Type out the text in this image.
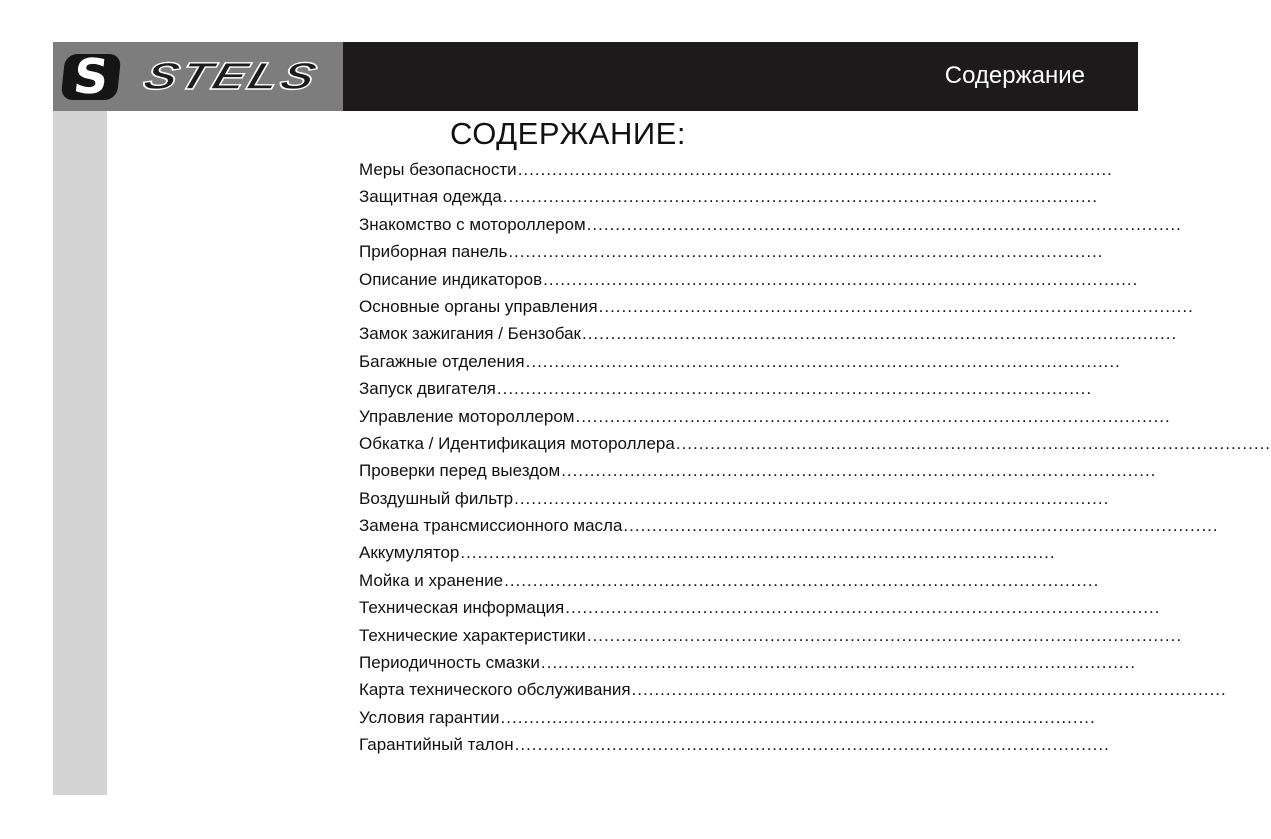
S STELS	Содержание
СОДЕРЖАНИЕ:
Меры безопасности........................................................................................................
Защитная одежда........................................................................................................
Знакомство с мотороллером........................................................................................................
Приборная панель........................................................................................................
Описание индикаторов........................................................................................................
Основные органы управления........................................................................................................
Замок зажигания / Бензобак........................................................................................................
Багажные отделения........................................................................................................
Запуск двигателя........................................................................................................
Управление мотороллером........................................................................................................
Обкатка / Идентификация мотороллера........................................................................................................
Проверки перед выездом........................................................................................................
Воздушный фильтр........................................................................................................
Замена трансмиссионного масла........................................................................................................
Аккумулятор........................................................................................................
Мойка и хранение........................................................................................................
Техническая информация........................................................................................................
Технические характеристики........................................................................................................
Периодичность смазки........................................................................................................
Карта технического обслуживания........................................................................................................
Условия гарантии........................................................................................................
Гарантийный талон........................................................................................................
